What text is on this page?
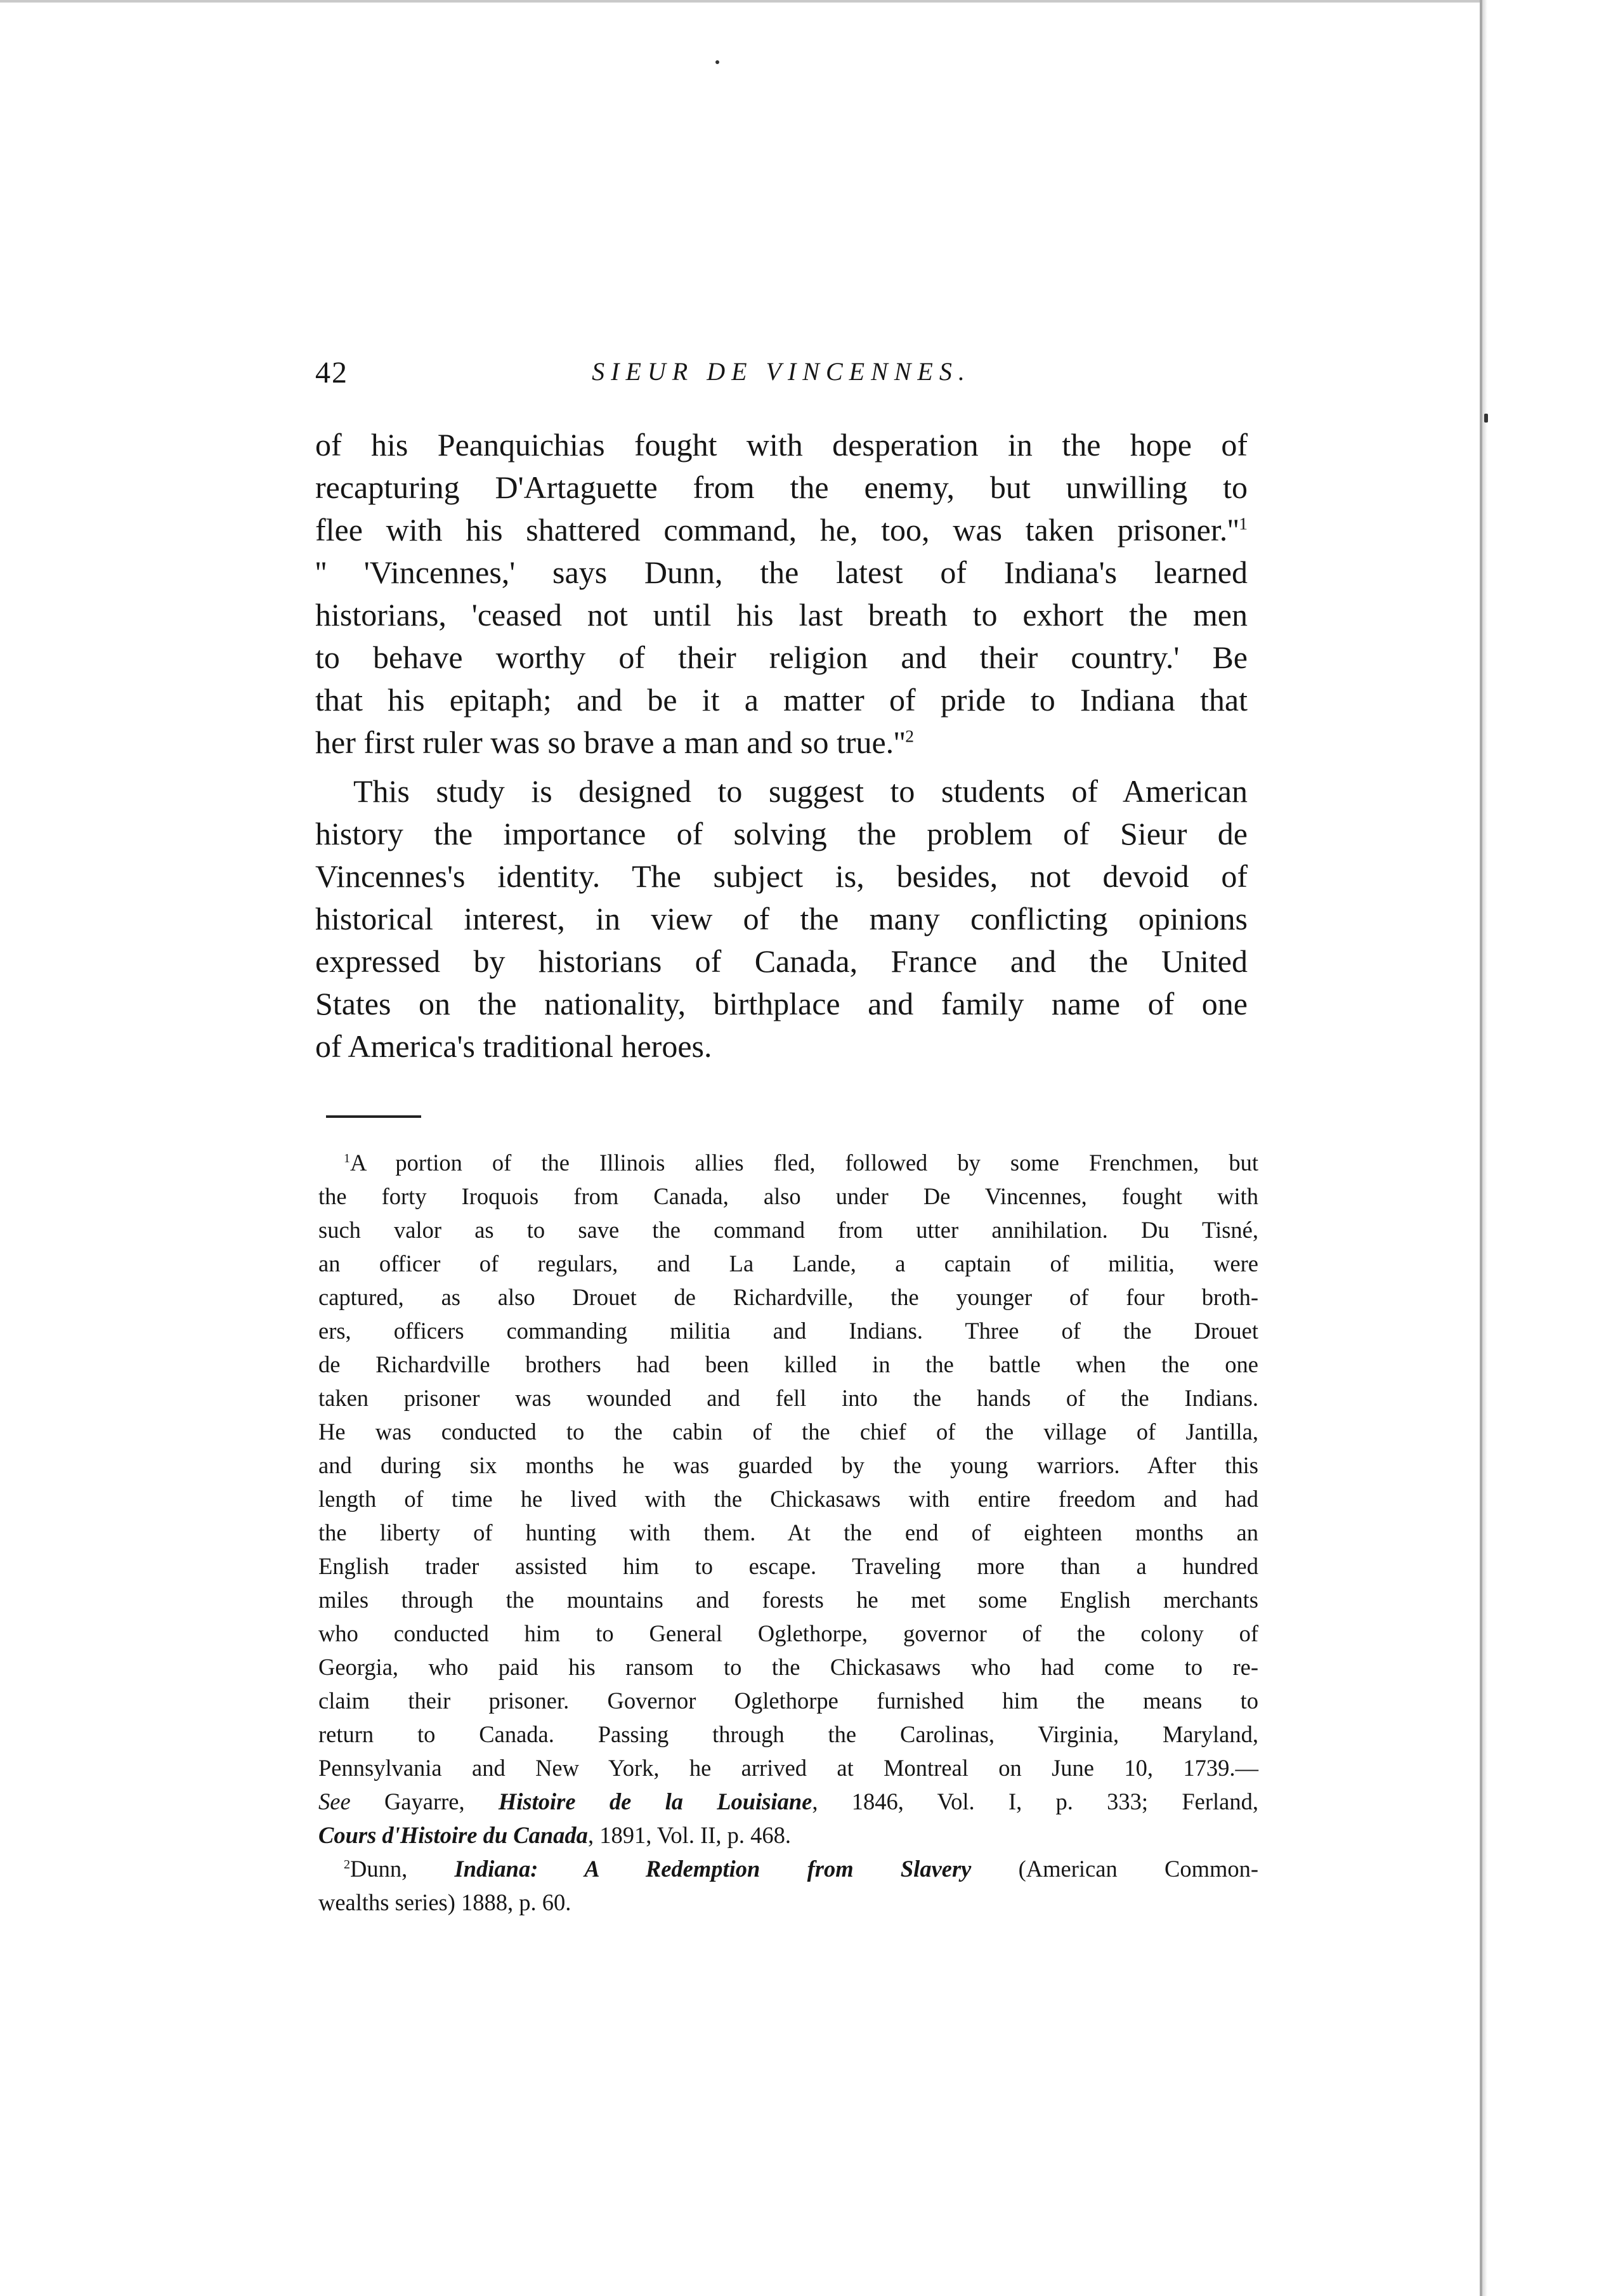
42	SIEUR DE VINCENNES.
of his Peanquichias fought with desperation in the hope of
recapturing D'Artaguette from the enemy, but unwilling to
flee with his shattered command, he, too, was taken $prisoner.''^1$
'' 'Vincennes,' says Dunn, the latest of Indiana's learned
historians, 'ceased not until his last breath to exhort the men
to behave worthy of their religion and their country.' Be
that his epitaph; and be it a matter of pride to Indiana that
her first ruler was so brave a man and so $true.''^2$
This study is designed to suggest to students of American
history the importance of solving the problem of Sieur de
Vincennes's identity. The subject is, besides, not devoid of
historical interest, in view of the many conflicting opinions
expressed by historians of Canada, France and the United
States on the nationality, birthplace and family name of one
of America's traditional heroes.
$^1$A portion of the Illinois allies fled, followed by some Frenchmen, but
the forty Iroquois from Canada, also under De Vincennes, fought with
such valor as to save the command from utter annihilation. Du Tisné,
an officer of regulars, and La Lande, a captain of militia, were
captured, as also Drouet de Richardville, the younger of four broth-
ers, officers commanding militia and Indians. Three of the Drouet
de Richardville brothers had been killed in the battle when the one
taken prisoner was wounded and fell into the hands of the Indians.
He was conducted to the cabin of the chief of the village of Jantilla,
and during six months he was guarded by the young warriors. After this
length of time he lived with the Chickasaws with entire freedom and had
the liberty of hunting with them. At the end of eighteen months an
English trader assisted him to escape. Traveling more than a hundred
miles through the mountains and forests he met some English merchants
who conducted him to General Oglethorpe, governor of the colony of
Georgia, who paid his ransom to the Chickasaws who had come to re-
claim their prisoner. Governor Oglethorpe furnished him the means to
return to Canada. Passing through the Carolinas, Virginia, Maryland,
Pennsylvania and New York, he arrived at Montreal on June 10, 1739.—
See Gayarre, Histoire de la Louisiane, 1846, Vol. I, p. 333; Ferland,
Cours d'Histoire du Canada, 1891, Vol. II, p. 468.
$^2$Dunn, Indiana: A Redemption from Slavery (American Common-
wealths series) 1888, p. 60.
